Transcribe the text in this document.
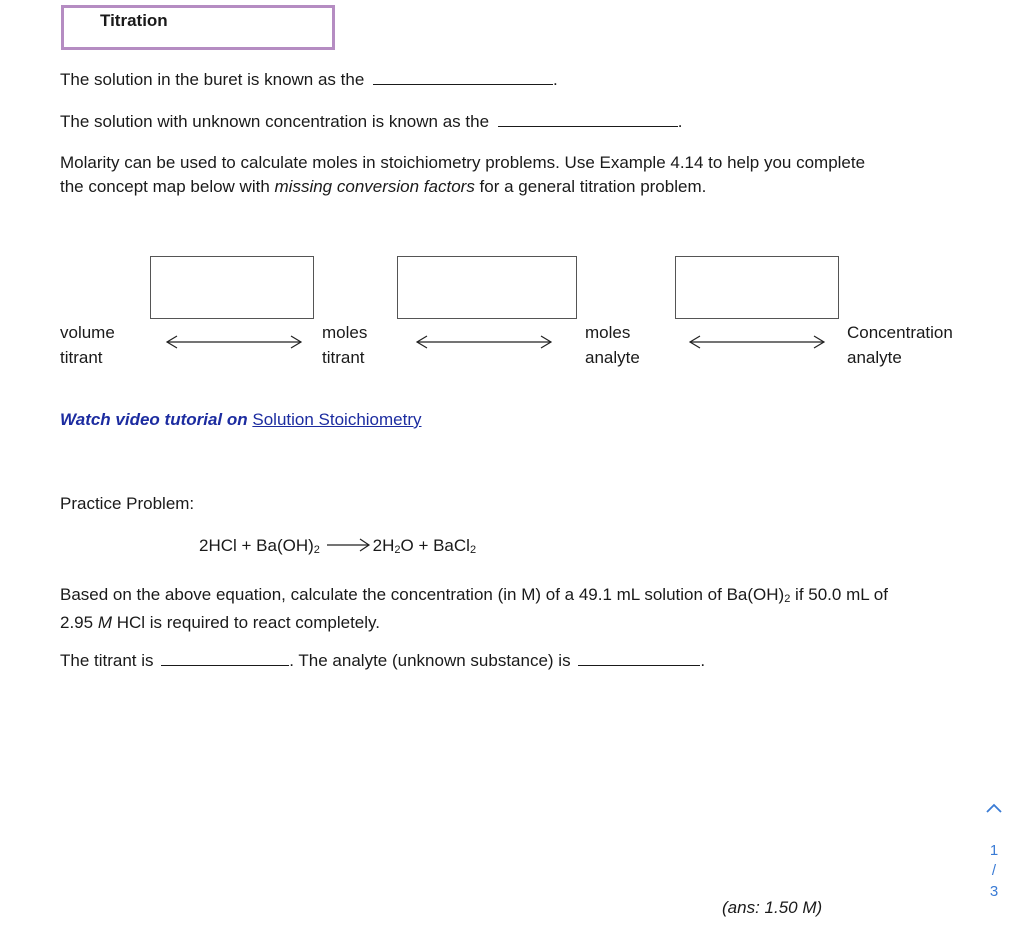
Titration
The solution in the buret is known as the	.
The solution with unknown concentration is known as the	.
Molarity can be used to calculate moles in stoichiometry problems. Use Example 4.14 to help you complete
the concept map below with missing conversion factors for a general titration problem.
volume
titrant
moles
titrant
moles
analyte
Concentration
analyte
Watch video tutorial on Solution Stoichiometry
Practice Problem:
$2HCl + Ba(OH)_2 \to 2H_2O$ + BaCl$_2$
Based on the above equation, calculate the concentration (in M) of a 49.1 mL solution of $Ba(OH)_2$ if 50.0 mL of
2.95 M HCl is required to react completely.
The titrant is	. The analyte (unknown substance) is	.
(ans: 1.50 M)
1
/
3
